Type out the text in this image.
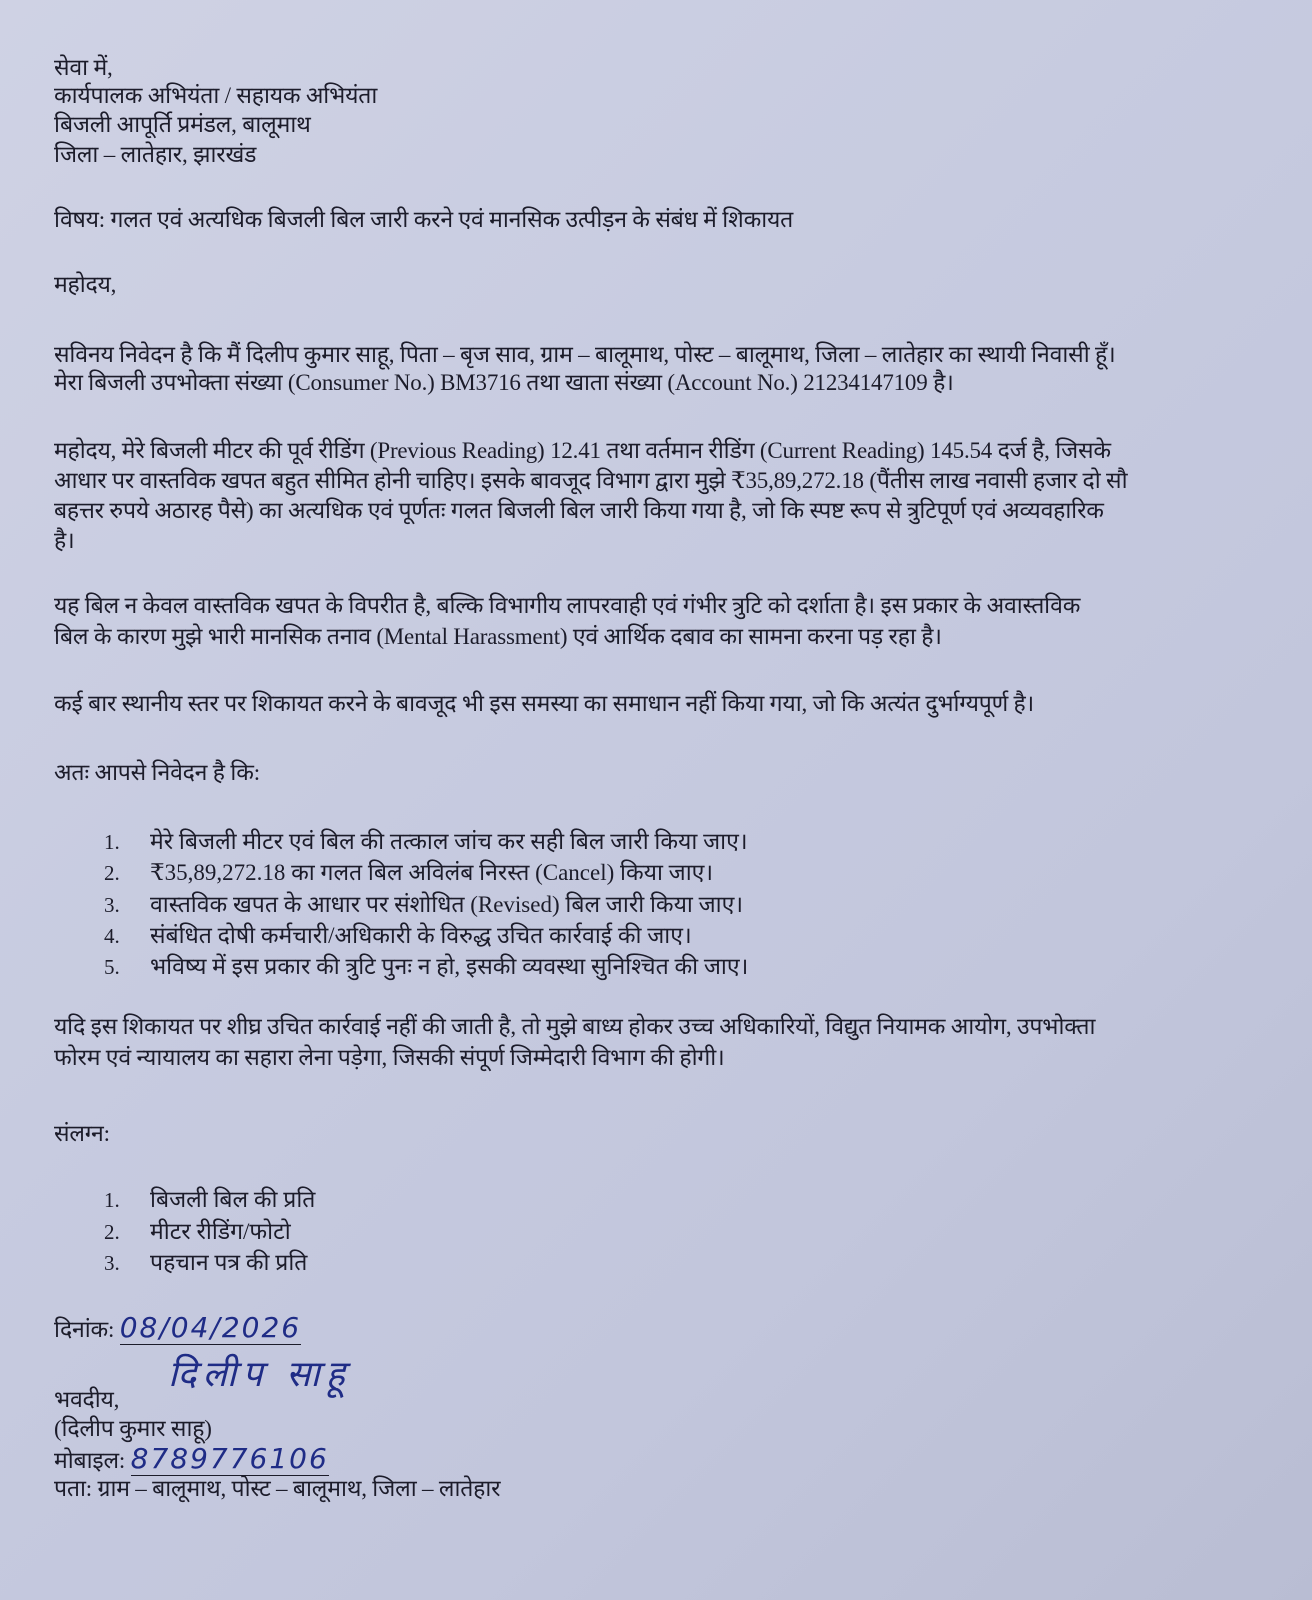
सेवा में,
कार्यपालक अभियंता / सहायक अभियंता
बिजली आपूर्ति प्रमंडल, बालूमाथ
जिला – लातेहार, झारखंड
विषय: गलत एवं अत्यधिक बिजली बिल जारी करने एवं मानसिक उत्पीड़न के संबंध में शिकायत
महोदय,
सविनय निवेदन है कि मैं दिलीप कुमार साहू, पिता – बृज साव, ग्राम – बालूमाथ, पोस्ट – बालूमाथ, जिला – लातेहार का स्थायी निवासी हूँ।
मेरा बिजली उपभोक्ता संख्या (Consumer No.) BM3716 तथा खाता संख्या (Account No.) 21234147109 है।
महोदय, मेरे बिजली मीटर की पूर्व रीडिंग (Previous Reading) 12.41 तथा वर्तमान रीडिंग (Current Reading) 145.54 दर्ज है, जिसके
आधार पर वास्तविक खपत बहुत सीमित होनी चाहिए। इसके बावजूद विभाग द्वारा मुझे ₹35,89,272.18 (पैंतीस लाख नवासी हजार दो सौ
बहत्तर रुपये अठारह पैसे) का अत्यधिक एवं पूर्णतः गलत बिजली बिल जारी किया गया है, जो कि स्पष्ट रूप से त्रुटिपूर्ण एवं अव्यवहारिक
है।
यह बिल न केवल वास्तविक खपत के विपरीत है, बल्कि विभागीय लापरवाही एवं गंभीर त्रुटि को दर्शाता है। इस प्रकार के अवास्तविक
बिल के कारण मुझे भारी मानसिक तनाव (Mental Harassment) एवं आर्थिक दबाव का सामना करना पड़ रहा है।
कई बार स्थानीय स्तर पर शिकायत करने के बावजूद भी इस समस्या का समाधान नहीं किया गया, जो कि अत्यंत दुर्भाग्यपूर्ण है।
अतः आपसे निवेदन है कि:
1. मेरे बिजली मीटर एवं बिल की तत्काल जांच कर सही बिल जारी किया जाए।
2. ₹35,89,272.18 का गलत बिल अविलंब निरस्त (Cancel) किया जाए।
3. वास्तविक खपत के आधार पर संशोधित (Revised) बिल जारी किया जाए।
4. संबंधित दोषी कर्मचारी/अधिकारी के विरुद्ध उचित कार्रवाई की जाए।
5. भविष्य में इस प्रकार की त्रुटि पुनः न हो, इसकी व्यवस्था सुनिश्चित की जाए।
यदि इस शिकायत पर शीघ्र उचित कार्रवाई नहीं की जाती है, तो मुझे बाध्य होकर उच्च अधिकारियों, विद्युत नियामक आयोग, उपभोक्ता
फोरम एवं न्यायालय का सहारा लेना पड़ेगा, जिसकी संपूर्ण जिम्मेदारी विभाग की होगी।
संलग्न:
1. बिजली बिल की प्रति
2. मीटर रीडिंग/फोटो
3. पहचान पत्र की प्रति
दिनांक: 08/04/2026
भवदीय,
दिलीप साहू
(दिलीप कुमार साहू)
मोबाइल: 8789776106
पता: ग्राम – बालूमाथ, पोस्ट – बालूमाथ, जिला – लातेहार
